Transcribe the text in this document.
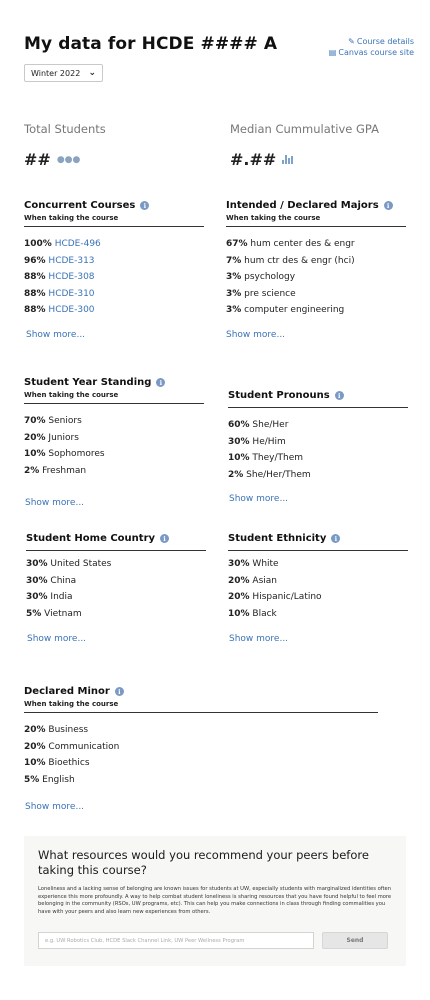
My data for HCDE #### A	✎ Course details
▤ Canvas course site
Winter 2022 ⌄
Total Students
## ●●●
Median Cummulative GPA
#.##
Concurrent Courses	i
When taking the course
100% HCDE-496
96% HCDE-313
88% HCDE-308
88% HCDE-310
88% HCDE-300
Show more...
Intended / Declared Majors	i
When taking the course
67% hum center des & engr
7% hum ctr des & engr (hci)
3% psychology
3% pre science
3% computer engineering
Show more...
Student Year Standing	i
When taking the course
70% Seniors
20% Juniors
10% Sophomores
2% Freshman
Show more...
Student Pronouns	i
60% She/Her
30% He/Him
10% They/Them
2% She/Her/Them
Show more...
Student Home Country	i
30% United States
30% China
30% India
5% Vietnam
Show more...
Student Ethnicity	i
30% White
20% Asian
20% Hispanic/Latino
10% Black
Show more...
Declared Minor	i
When taking the course
20% Business
20% Communication
10% Bioethics
5% English
Show more...
What resources would you recommend your peers before taking this course?
Loneliness and a lacking sense of belonging are known issues for students at UW, especially students with marginalized identities often experience this more profoundly. A way to help combat student loneliness is sharing resources that you have found helpful to feel more belonging in the community (RSOs, UW programs, etc). This can help you make connections in class through finding commalities you have with your peers and also learn new experiences from others.
e.g. UW Robotics Club, HCDE Slack Channel Link, UW Peer Wellness Program	Send
